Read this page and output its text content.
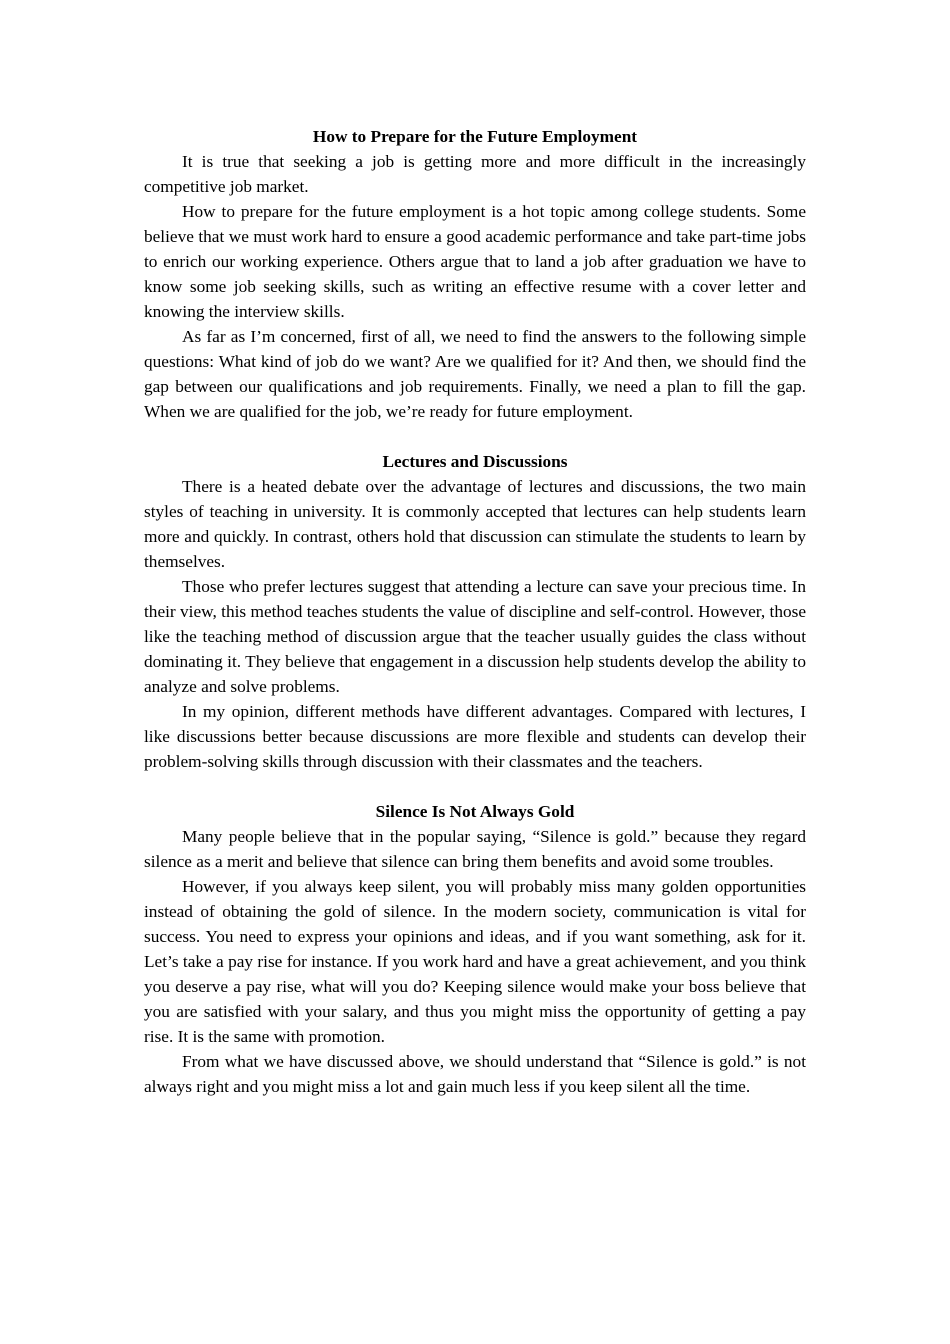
How to Prepare for the Future Employment

It is true that seeking a job is getting more and more difficult in the increasingly competitive job market.

How to prepare for the future employment is a hot topic among college students. Some believe that we must work hard to ensure a good academic performance and take part-time jobs to enrich our working experience. Others argue that to land a job after graduation we have to know some job seeking skills, such as writing an effective resume with a cover letter and knowing the interview skills.

As far as I’m concerned, first of all, we need to find the answers to the following simple questions: What kind of job do we want? Are we qualified for it? And then, we should find the gap between our qualifications and job requirements. Finally, we need a plan to fill the gap. When we are qualified for the job, we’re ready for future employment.

Lectures and Discussions

There is a heated debate over the advantage of lectures and discussions, the two main styles of teaching in university. It is commonly accepted that lectures can help students learn more and quickly. In contrast, others hold that discussion can stimulate the students to learn by themselves.

Those who prefer lectures suggest that attending a lecture can save your precious time. In their view, this method teaches students the value of discipline and self-control. However, those like the teaching method of discussion argue that the teacher usually guides the class without dominating it. They believe that engagement in a discussion help students develop the ability to analyze and solve problems.

In my opinion, different methods have different advantages. Compared with lectures, I like discussions better because discussions are more flexible and students can develop their problem-solving skills through discussion with their classmates and the teachers.

Silence Is Not Always Gold

Many people believe that in the popular saying, “Silence is gold.” because they regard silence as a merit and believe that silence can bring them benefits and avoid some troubles.

However, if you always keep silent, you will probably miss many golden opportunities instead of obtaining the gold of silence. In the modern society, communication is vital for success. You need to express your opinions and ideas, and if you want something, ask for it. Let’s take a pay rise for instance. If you work hard and have a great achievement, and you think you deserve a pay rise, what will you do? Keeping silence would make your boss believe that you are satisfied with your salary, and thus you might miss the opportunity of getting a pay rise. It is the same with promotion.

From what we have discussed above, we should understand that “Silence is gold.” is not always right and you might miss a lot and gain much less if you keep silent all the time.
